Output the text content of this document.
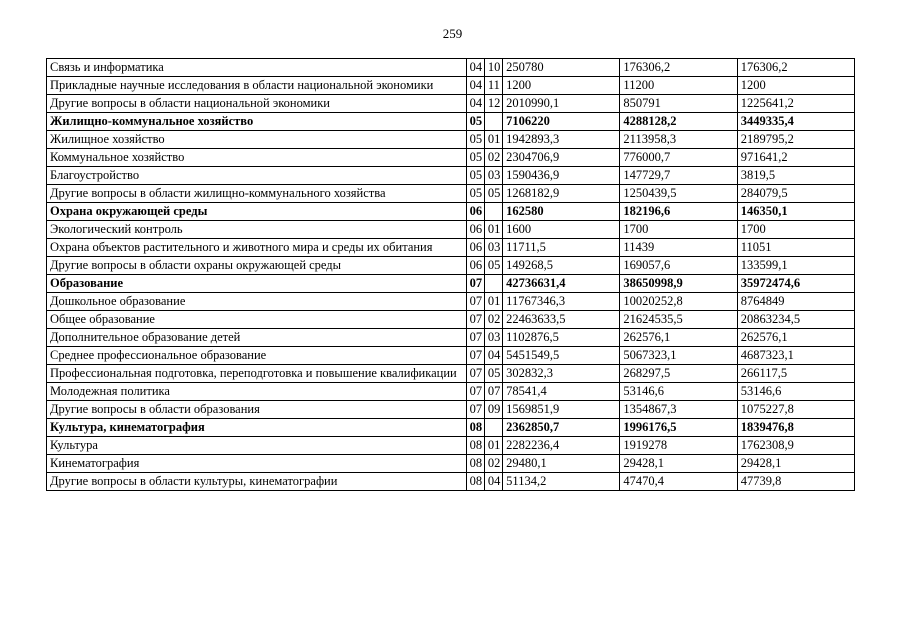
259
Связь и информатика	04	10	250780	176306,2	176306,2
Прикладные научные исследования в области национальной экономики	04	11	1200	11200	1200
Другие вопросы в области национальной экономики	04	12	2010990,1	850791	1225641,2
Жилищно-коммунальное хозяйство	05		7106220	4288128,2	3449335,4
Жилищное хозяйство	05	01	1942893,3	2113958,3	2189795,2
Коммунальное хозяйство	05	02	2304706,9	776000,7	971641,2
Благоустройство	05	03	1590436,9	147729,7	3819,5
Другие вопросы в области жилищно-коммунального хозяйства	05	05	1268182,9	1250439,5	284079,5
Охрана окружающей среды	06		162580	182196,6	146350,1
Экологический контроль	06	01	1600	1700	1700
Охрана объектов растительного и животного мира и среды их обитания	06	03	11711,5	11439	11051
Другие вопросы в области охраны окружающей среды	06	05	149268,5	169057,6	133599,1
Образование	07		42736631,4	38650998,9	35972474,6
Дошкольное образование	07	01	11767346,3	10020252,8	8764849
Общее образование	07	02	22463633,5	21624535,5	20863234,5
Дополнительное образование детей	07	03	1102876,5	262576,1	262576,1
Среднее профессиональное образование	07	04	5451549,5	5067323,1	4687323,1
Профессиональная подготовка, переподготовка и повышение квалификации	07	05	302832,3	268297,5	266117,5
Молодежная политика	07	07	78541,4	53146,6	53146,6
Другие вопросы в области образования	07	09	1569851,9	1354867,3	1075227,8
Культура, кинематография	08		2362850,7	1996176,5	1839476,8
Культура	08	01	2282236,4	1919278	1762308,9
Кинематография	08	02	29480,1	29428,1	29428,1
Другие вопросы в области культуры, кинематографии	08	04	51134,2	47470,4	47739,8
